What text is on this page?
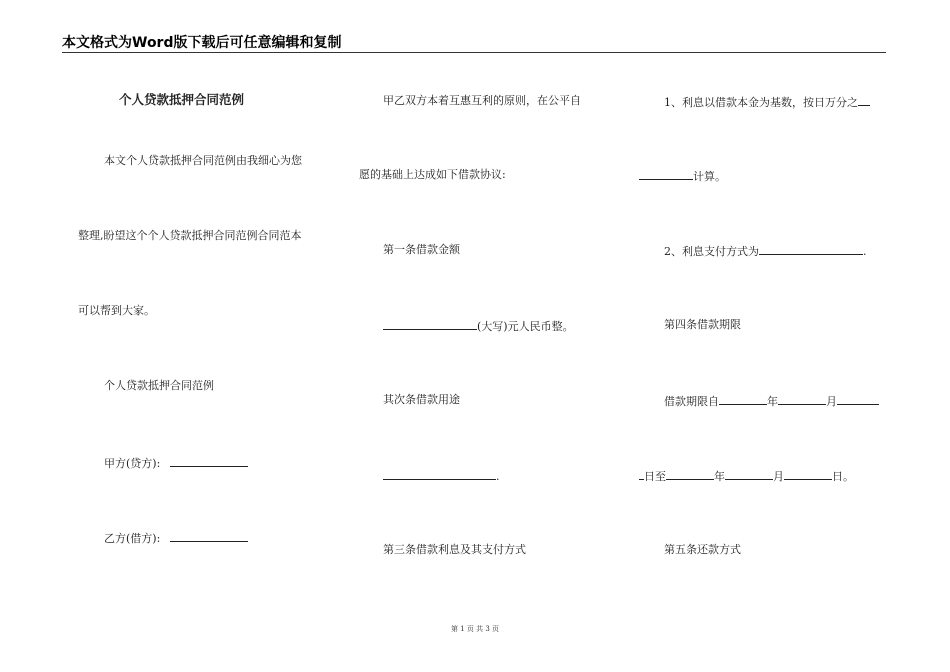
本文格式为Word版下载后可任意编辑和复制
个人贷款抵押合同范例
本文个人贷款抵押合同范例由我细心为您
整理,盼望这个个人贷款抵押合同范例合同范本
可以帮到大家。
个人贷款抵押合同范例
甲方(贷方):
乙方(借方):
甲乙双方本着互惠互利的原则，在公平自
愿的基础上达成如下借款协议:
第一条借款金额
(大写)元人民币整。
其次条借款用途
.
第三条借款利息及其支付方式
1、利息以借款本金为基数，按日万分之
计算。
2、利息支付方式为	.
第四条借款期限
借款期限自	年	月
日至	年	月	日。
第五条还款方式
第 1 页 共 3 页
